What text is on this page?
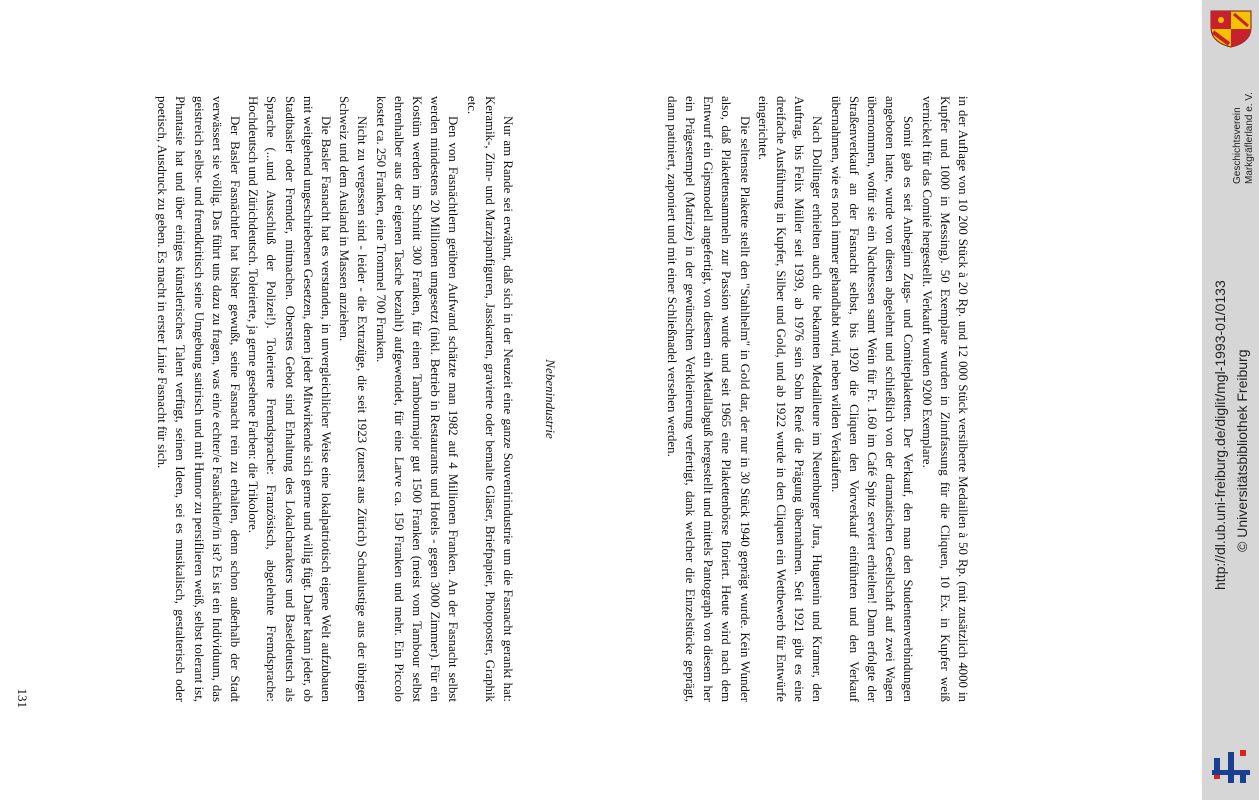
in der Auflage von 10 200 Stück à 20 Rp. und 12 000 Stück versilberte Medaillen à 50 Rp. (mit zusätzlich 4000 in Kupfer und 1000 in Messing). 50 Exemplare wurden in Zinnfassung für die Cliquen, 10 Ex. in Kupfer weiß vernickelt für das Comité hergestellt. Verkauft wurden 9200 Exemplare.

Somit gab es seit Anbeginn Zugs- und Comiteplaketten. Der Verkauf, den man den Studentenverbindungen angeboten hatte, wurde von diesen abgelehnt und schließlich von der dramatischen Gesellschaft auf zwei Wagen übernommen, wofür sie ein Nachtessen samt Wein für Fr. 1.60 im Café Spitz serviert erhielten! Dann erfolgte der Straßenverkauf an der Fasnacht selbst, bis 1920 die Cliquen den Vorverkauf einführten und den Verkauf übernahmen, wie es noch immer gehandhabt wird, neben wilden Verkäufern.

Nach Dollinger erhielten auch die bekannten Medailleure im Neuenburger Jura, Huguenin und Kramer, den Auftrag, bis Felix Müller seit 1939, ab 1976 sein Sohn René die Prägung übernahmen. Seit 1921 gibt es eine dreifache Ausführung in Kupfer, Silber und Gold, und ab 1922 wurde in den Cliquen ein Wettbewerb für Entwürfe eingerichtet.

Die seltenste Plakette stellt den "Stahlhelm" in Gold dar, der nur in 30 Stück 1940 geprägt wurde. Kein Wunder also, daß Plakettensammeln zur Passion wurde und seit 1965 eine Plakettenbörse floriert. Heute wird nach dem Entwurf ein Gipsmodell angefertigt, von diesem ein Metallabguß hergestellt und mittels Pantograph von diesem her ein Prägestempel (Matrize) in der gewünschten Verkleinerung verfertigt, dank welcher die Einzelstücke geprägt, dann patiniert, zaponiert und mit einer Schließnadel versehen werden.

Nebenindustrie

Nur am Rande sei erwähnt, daß sich in der Neuzeit eine ganze Souvenirindustrie um die Fasnacht gerankt hat: Keramik-, Zinn- und Marzipanfiguren, Jasskarten, gravierte oder bemalte Gläser, Briefpapier, Photoposter, Graphik etc.

Den von Fasnächtlern geübten Aufwand schätzte man 1982 auf 4 Millionen Franken. An der Fasnacht selbst werden mindestens 20 Millionen umgesetzt (inkl. Betrieb in Restaurants und Hotels - gegen 3000 Zimmer). Für ein Kostüm werden im Schnitt 300 Franken, für einen Tambourmajor gut 1500 Franken (meist vom Tambour selbst ehrenhalber aus der eigenen Tasche bezahlt) aufgewendet, für eine Larve ca. 150 Franken und mehr. Ein Piccolo kostet ca. 250 Franken, eine Trommel 700 Franken.

Nicht zu vergessen sind - leider - die Extrazüge, die seit 1923 (zuerst aus Zürich) Schaulustige aus der übrigen Schweiz und dem Ausland in Massen anziehen.

Die Basler Fasnacht hat es verstanden, in unvergleichlicher Weise eine lokalpatriotisch eigene Welt aufzubauen mit weitgehend ungeschriebenen Gesetzen, denen jeder Mitwirkende sich gerne und willig fügt. Daher kann jeder, ob Stadtbasler oder Fremder, mitmachen. Oberstes Gebot sind Erhaltung des Lokalcharakters und Baseldeutsch als Sprache (...und Ausschluß der Polizei!). Tolerierte Fremdsprache: Französisch, abgelehnte Fremdsprache: Hochdeutsch und Zürichdeutsch. Tolerierte, ja gerne gesehene Farben: die Trikolore.

Der Basler Fasnächtler hat bisher gewußt, seine Fasnacht rein zu erhalten, denn schon außerhalb der Stadt verwässert sie völlig. Das führt uns dazu zu fragen, was ein/e echter/e Fasnächtler/in ist? Es ist ein Individuum, das geistreich selbst- und fremdkritisch seine Umgebung satirisch und mit Humor zu persiflieren weiß, selbst tolerant ist, Phantasie hat und über einiges künstlerisches Talent verfügt, seinen Ideen, sei es musikalisch, gestalterisch oder poetisch, Ausdruck zu geben. Es macht in erster Linie Fasnacht für sich.

131
Geschichtsverein Markgräflerland e. V.
http://dl.ub.uni-freiburg.de/diglit/mgl-1993-01/0133 © Universitätsbibliothek Freiburg
